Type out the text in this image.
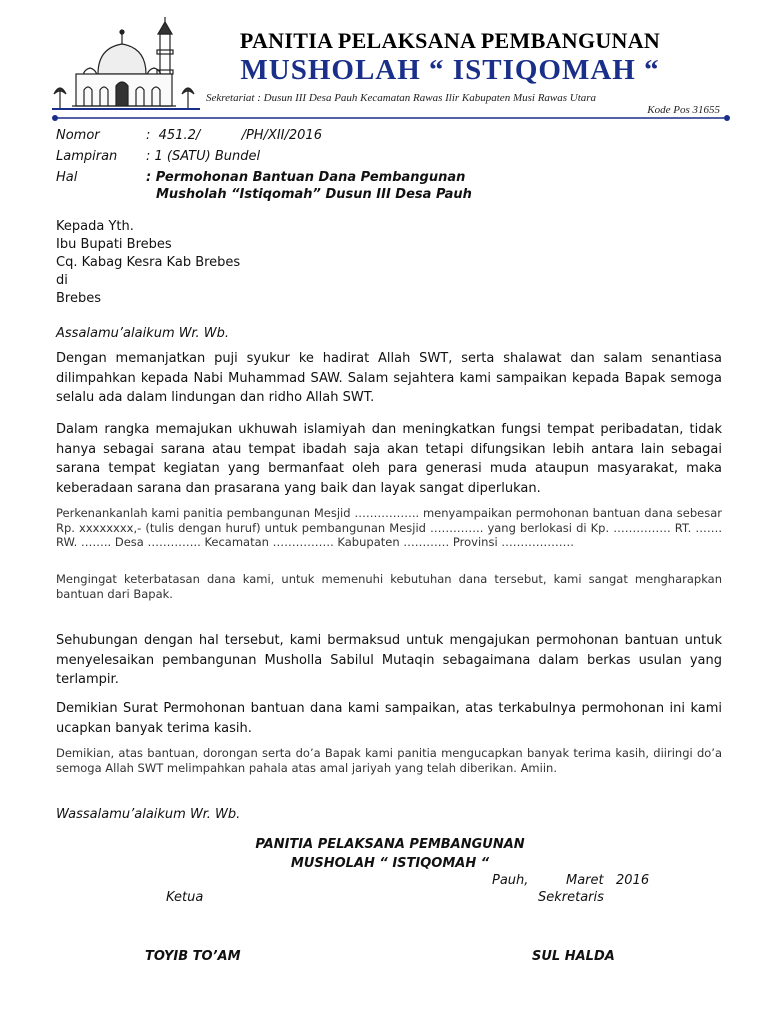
PANITIA PELAKSANA PEMBANGUNAN
MUSHOLAH “ ISTIQOMAH “
Sekretariat : Dusun III Desa Pauh Kecamatan Rawas Ilir Kabupaten Musi Rawas Utara
Kode Pos 31655
Nomor	:  451.2/          /PH/XII/2016
Lampiran : 1 (SATU) Bundel
Hal	: Permohonan Bantuan Dana Pembangunan
Musholah “Istiqomah” Dusun III Desa Pauh
Kepada Yth.
Ibu Bupati Brebes
Cq. Kabag Kesra Kab Brebes
di
Brebes
Assalamu’alaikum Wr. Wb.
Dengan memanjatkan puji syukur ke hadirat Allah SWT, serta shalawat dan salam senantiasa dilimpahkan kepada Nabi Muhammad SAW. Salam sejahtera kami sampaikan kepada Bapak semoga selalu ada dalam lindungan dan ridho Allah SWT.
Dalam rangka memajukan ukhuwah islamiyah dan meningkatkan fungsi tempat peribadatan, tidak hanya sebagai sarana atau tempat ibadah saja akan tetapi difungsikan lebih antara lain sebagai sarana tempat kegiatan yang bermanfaat oleh para generasi muda ataupun masyarakat, maka keberadaan sarana dan prasarana yang baik dan layak sangat diperlukan.
Perkenankanlah kami panitia pembangunan Mesjid …………….. menyampaikan permohonan bantuan dana sebesar Rp. xxxxxxxx,- (tulis dengan huruf) untuk pembangunan Mesjid ………….. yang berlokasi di Kp. …………… RT. ……. RW. …….. Desa ………….. Kecamatan ……………. Kabupaten ………… Provinsi ……………….
Mengingat keterbatasan dana kami, untuk memenuhi kebutuhan dana tersebut, kami sangat mengharapkan bantuan dari Bapak.
Sehubungan dengan hal tersebut, kami bermaksud untuk mengajukan permohonan bantuan untuk menyelesaikan pembangunan Musholla Sabilul Mutaqin sebagaimana dalam berkas usulan yang terlampir.
Demikian Surat Permohonan bantuan dana kami sampaikan, atas terkabulnya permohonan ini kami ucapkan banyak terima kasih.
Demikian, atas bantuan, dorongan serta do’a Bapak kami panitia mengucapkan banyak terima kasih, diiringi do’a semoga Allah SWT melimpahkan pahala atas amal jariyah yang telah diberikan. Amiin.
Wassalamu’alaikum Wr. Wb.
PANITIA PELAKSANA PEMBANGUNAN
MUSHOLAH “ ISTIQOMAH “
Pauh,	Maret   2016
Ketua	Sekretaris
TOYIB TO’AM	SUL HALDA
